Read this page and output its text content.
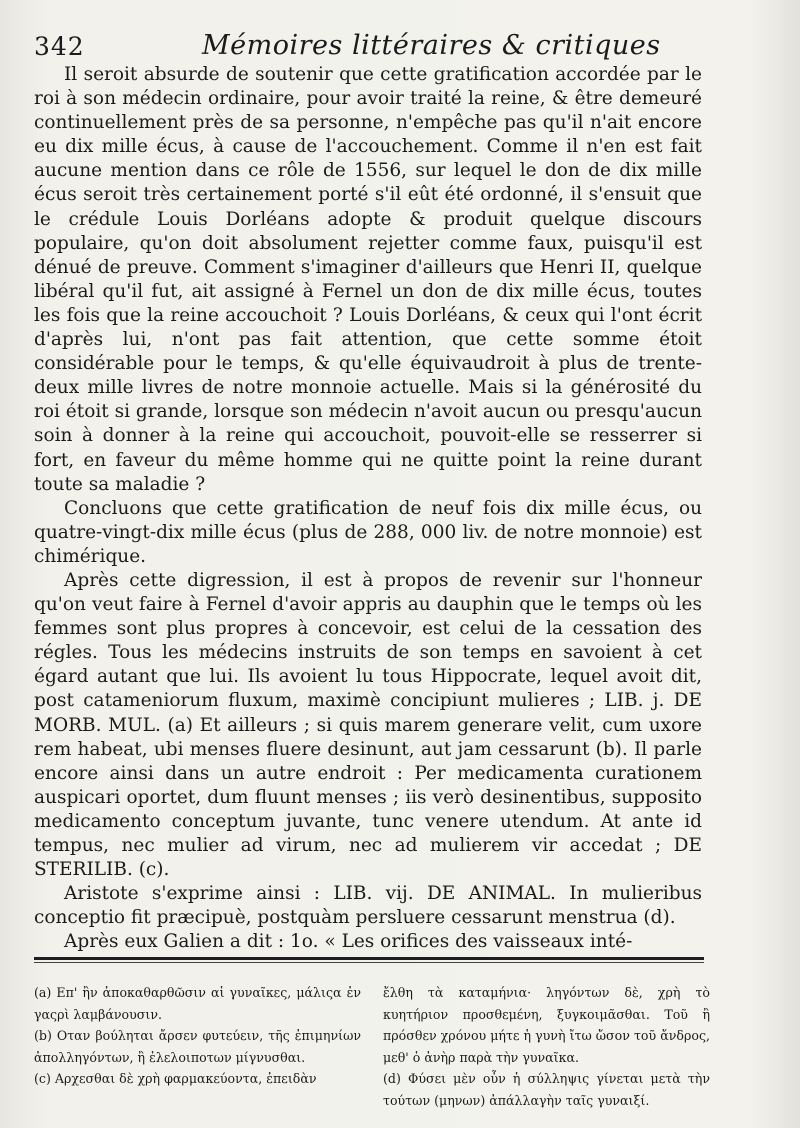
342	Mémoires littéraires & critiques

Il seroit absurde de soutenir que cette gratification accordée par le roi à son médecin ordinaire, pour avoir traité la reine, & être demeuré continuellement près de sa personne, n'empêche pas qu'il n'ait encore eu dix mille écus, à cause de l'accouchement. Comme il n'en est fait aucune mention dans ce rôle de 1556, sur lequel le don de dix mille écus seroit très certainement porté s'il eût été ordonné, il s'ensuit que le crédule Louis Dorléans adopte & produit quelque discours populaire, qu'on doit absolument rejetter comme faux, puisqu'il est dénué de preuve. Comment s'imaginer d'ailleurs que Henri II, quelque libéral qu'il fut, ait assigné à Fernel un don de dix mille écus, toutes les fois que la reine accouchoit ? Louis Dorléans, & ceux qui l'ont écrit d'après lui, n'ont pas fait attention, que cette somme étoit considérable pour le temps, & qu'elle équivaudroit à plus de trente-deux mille livres de notre monnoie actuelle. Mais si la générosité du roi étoit si grande, lorsque son médecin n'avoit aucun ou presqu'aucun soin à donner à la reine qui accouchoit, pouvoit-elle se resserrer si fort, en faveur du même homme qui ne quitte point la reine durant toute sa maladie ?

Concluons que cette gratification de neuf fois dix mille écus, ou quatre-vingt-dix mille écus (plus de 288, 000 liv. de notre monnoie) est chimérique.

Après cette digression, il est à propos de revenir sur l'honneur qu'on veut faire à Fernel d'avoir appris au dauphin que le temps où les femmes sont plus propres à concevoir, est celui de la cessation des régles. Tous les médecins instruits de son temps en savoient à cet égard autant que lui. Ils avoient lu tous Hippocrate, lequel avoit dit, post catameniorum fluxum, maximè concipiunt mulieres ; LIB. j. DE MORB. MUL. (a) Et ailleurs ; si quis marem generare velit, cum uxore rem habeat, ubi menses fluere desinunt, aut jam cessarunt (b). Il parle encore ainsi dans un autre endroit : Per medicamenta curationem auspicari oportet, dum fluunt menses ; iis verò desinentibus, supposito medicamento conceptum juvante, tunc venere utendum. At ante id tempus, nec mulier ad virum, nec ad mulierem vir accedat ; DE STERILIB. (c).

Aristote s'exprime ainsi : LIB. vij. DE ANIMAL. In mulieribus conceptio fit præcipuè, postquàm persluere cessarunt menstrua (d).

Après eux Galien a dit : 1o. « Les orifices des vaisseaux inté-

(a) Επ' ἢν ἀποκαθαρθῶσιν αἱ γυναῖκες, μάλιςα ἐν γαςρὶ λαμβάνουσιν.

(b) Οταν βούληται ἄρσεν φυτεύειν, τῆς ἐπιμηνίων ἀπολληγόντων, ἢ ἐλελοιποτων μίγνυσθαι.

(c) Αρχεσθαι δὲ χρὴ φαρμακεύοντα, ἐπειδὰν

ἔλθη τὰ καταμήνια· ληγόντων δὲ, χρὴ τὸ κυητήριον προσθεμένη, ξυγκοιμᾶσθαι. Τοῦ ἢ πρόσθεν χρόνου μήτε ἡ γυνὴ ἴτω ὤσον τοῦ ἄνδρος, μεθ' ὁ ἀνὴρ παρὰ τὴν γυναῖκα.

(d) Φύσει μὲν οὖν ἡ σύλληψις γίνεται μετὰ τὴν τούτων (μηνων) ἀπάλλαγὴν ταῖς γυναιξί.
